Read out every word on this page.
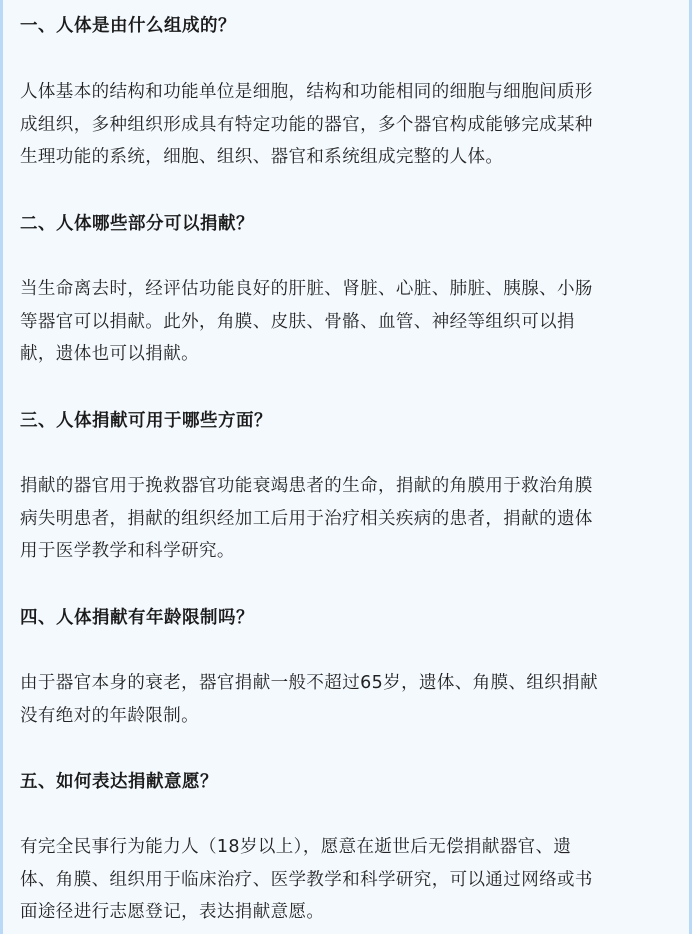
一、人体是由什么组成的？
人体基本的结构和功能单位是细胞，结构和功能相同的细胞与细胞间质形
成组织，多种组织形成具有特定功能的器官，多个器官构成能够完成某种
生理功能的系统，细胞、组织、器官和系统组成完整的人体。
二、人体哪些部分可以捐献？
当生命离去时，经评估功能良好的肝脏、肾脏、心脏、肺脏、胰腺、小肠
等器官可以捐献。此外，角膜、皮肤、骨骼、血管、神经等组织可以捐
献，遗体也可以捐献。
三、人体捐献可用于哪些方面？
捐献的器官用于挽救器官功能衰竭患者的生命，捐献的角膜用于救治角膜
病失明患者，捐献的组织经加工后用于治疗相关疾病的患者，捐献的遗体
用于医学教学和科学研究。
四、人体捐献有年龄限制吗？
由于器官本身的衰老，器官捐献一般不超过65岁，遗体、角膜、组织捐献
没有绝对的年龄限制。
五、如何表达捐献意愿？
有完全民事行为能力人（18岁以上），愿意在逝世后无偿捐献器官、遗
体、角膜、组织用于临床治疗、医学教学和科学研究，可以通过网络或书
面途径进行志愿登记，表达捐献意愿。
